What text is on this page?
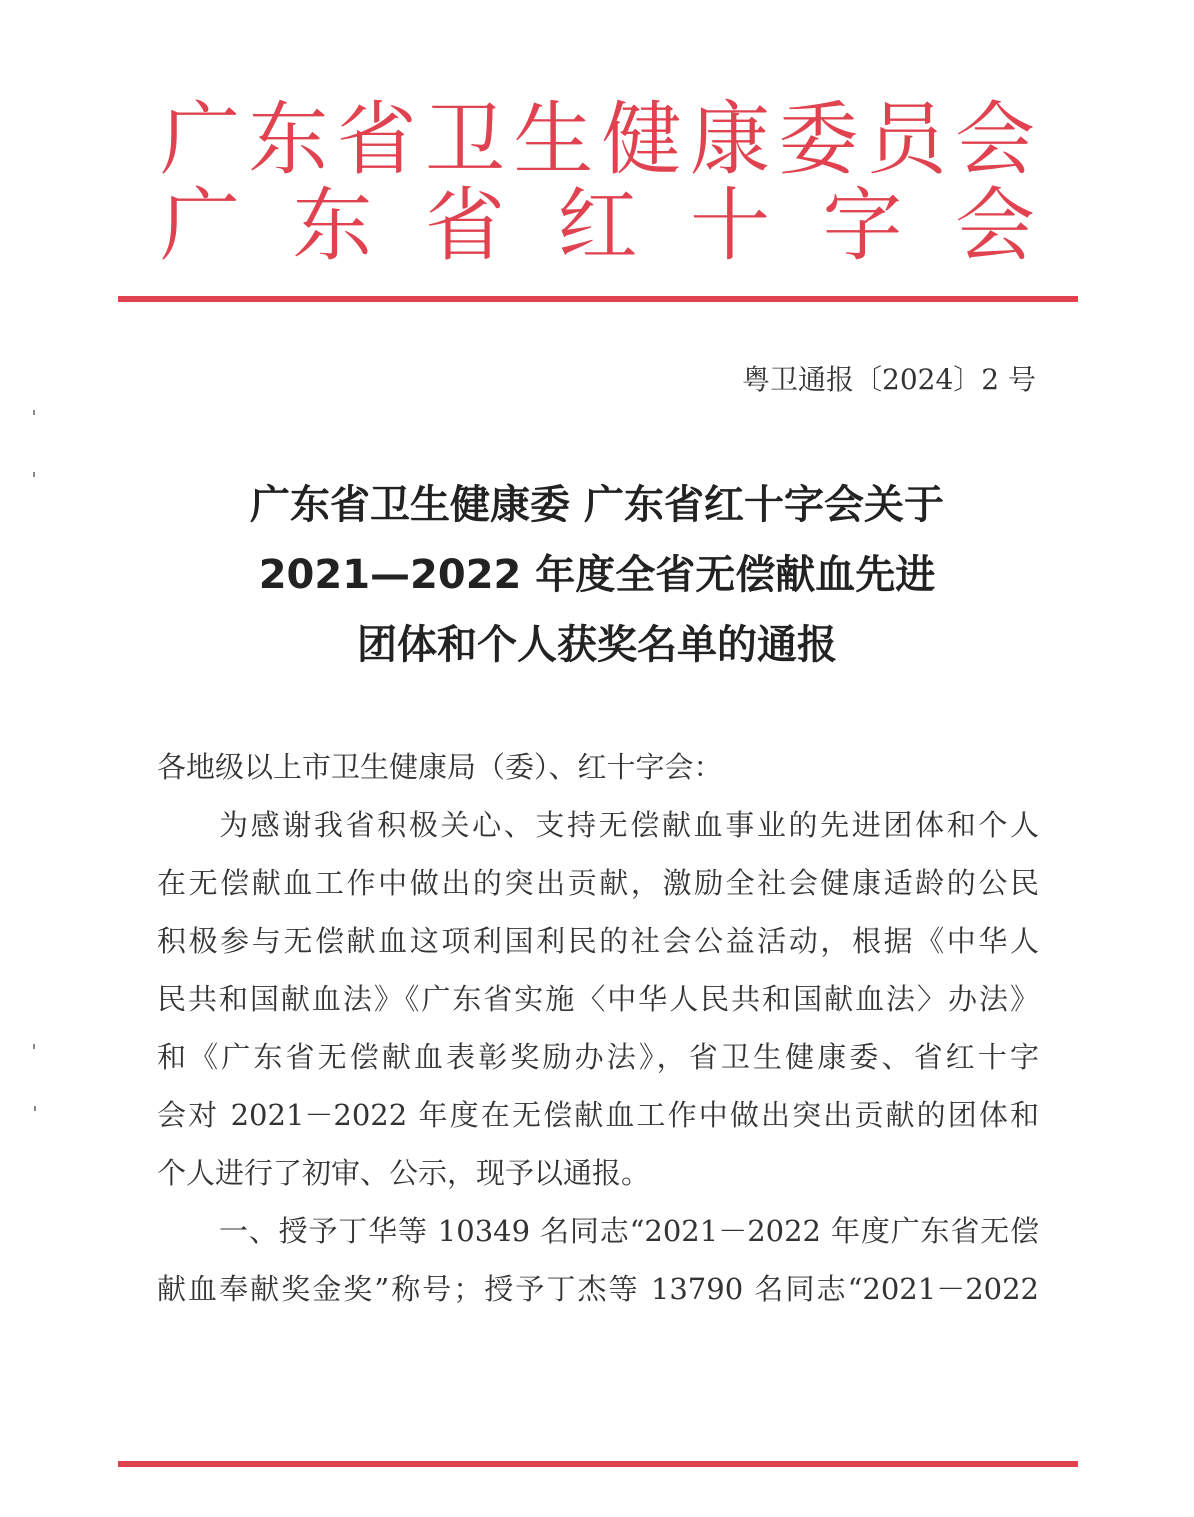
广 东 省 卫 生 健 康 委 员 会
广 东 省 红 十 字 会
粤卫通报〔2024〕2 号
广东省卫生健康委 广东省红十字会关于
2021—2022 年度全省无偿献血先进
团体和个人获奖名单的通报
各地级以上市卫生健康局（委）、红十字会：
为感谢我省积极关心、支持无偿献血事业的先进团体和个人
在无偿献血工作中做出的突出贡献，激励全社会健康适龄的公民
积极参与无偿献血这项利国利民的社会公益活动，根据《中华人
民共和国献血法》《广东省实施〈中华人民共和国献血法〉办法》
和《广东省无偿献血表彰奖励办法》，省卫生健康委、省红十字
会对 2021－2022 年度在无偿献血工作中做出突出贡献的团体和
个人进行了初审、公示，现予以通报。
一、授予丁华等 10349 名同志“2021－2022 年度广东省无偿
献血奉献奖金奖”称号；授予丁杰等 13790 名同志“2021－2022
